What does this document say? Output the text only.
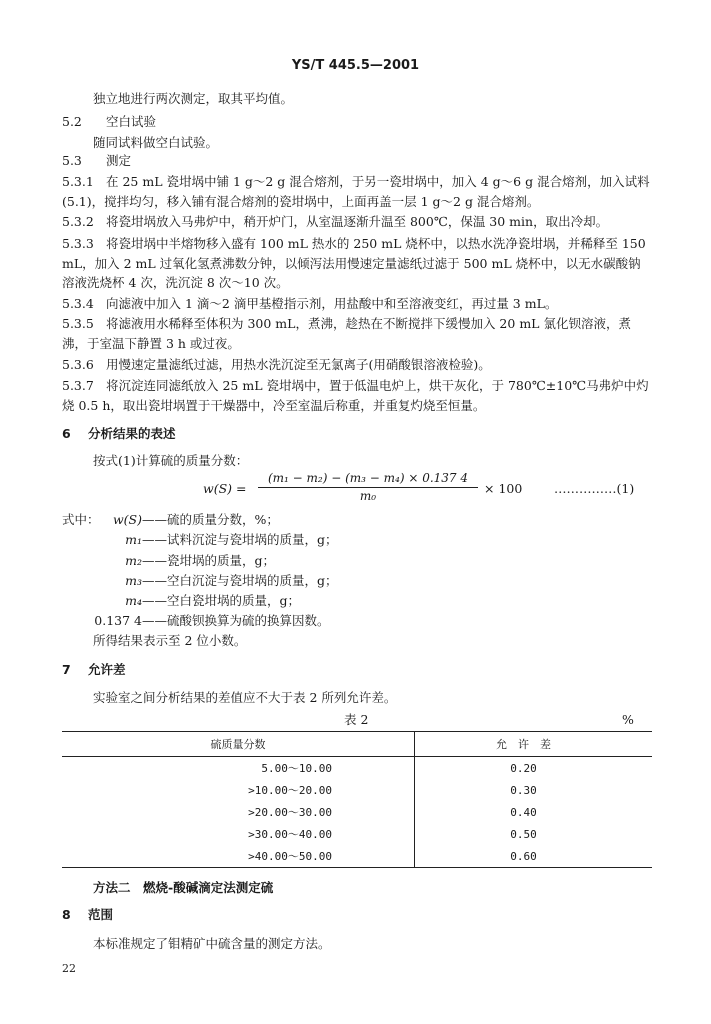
YS/T 445.5—2001
独立地进行两次测定，取其平均值。
5.2 空白试验
随同试料做空白试验。
5.3 测定
5.3.1 在 25 mL 瓷坩埚中铺 1 g～2 g 混合熔剂，于另一瓷坩埚中，加入 4 g～6 g 混合熔剂，加入试料
(5.1)，搅拌均匀，移入铺有混合熔剂的瓷坩埚中，上面再盖一层 1 g～2 g 混合熔剂。
5.3.2 将瓷坩埚放入马弗炉中，稍开炉门，从室温逐渐升温至 800℃，保温 30 min，取出冷却。
5.3.3 将瓷坩埚中半熔物移入盛有 100 mL 热水的 250 mL 烧杯中，以热水洗净瓷坩埚，并稀释至 150
mL，加入 2 mL 过氧化氢煮沸数分钟，以倾泻法用慢速定量滤纸过滤于 500 mL 烧杯中，以无水碳酸钠
溶液洗烧杯 4 次，洗沉淀 8 次～10 次。
5.3.4 向滤液中加入 1 滴～2 滴甲基橙指示剂，用盐酸中和至溶液变红，再过量 3 mL。
5.3.5 将滤液用水稀释至体积为 300 mL，煮沸，趁热在不断搅拌下缓慢加入 20 mL 氯化钡溶液，煮
沸，于室温下静置 3 h 或过夜。
5.3.6 用慢速定量滤纸过滤，用热水洗沉淀至无氯离子(用硝酸银溶液检验)。
5.3.7 将沉淀连同滤纸放入 25 mL 瓷坩埚中，置于低温电炉上，烘干灰化，于 780℃±10℃马弗炉中灼
烧 0.5 h，取出瓷坩埚置于干燥器中，冷至室温后称重，并重复灼烧至恒量。
6 分析结果的表述
按式(1)计算硫的质量分数：
$w(S) = \frac{\text{(m₁ − m₂) − (m₃ − m₄) × 0.137 4}}{\text{m₀}} \times 100$	……………(1)
式中：	w(S)——硫的质量分数，%；
m₁——试料沉淀与瓷坩埚的质量，g；
m₂——瓷坩埚的质量，g；
m₃——空白沉淀与瓷坩埚的质量，g；
m₄——空白瓷坩埚的质量，g；
0.137 4——硫酸钡换算为硫的换算因数。
所得结果表示至 2 位小数。
7 允许差
实验室之间分析结果的差值应不大于表 2 所列允许差。
表 2	%
硫质量分数	允　许　差
5.00～10.00	0.20
>10.00～20.00	0.30
>20.00～30.00	0.40
>30.00～40.00	0.50
>40.00～50.00	0.60
方法二　燃烧-酸碱滴定法测定硫
8 范围
本标准规定了钼精矿中硫含量的测定方法。
22
